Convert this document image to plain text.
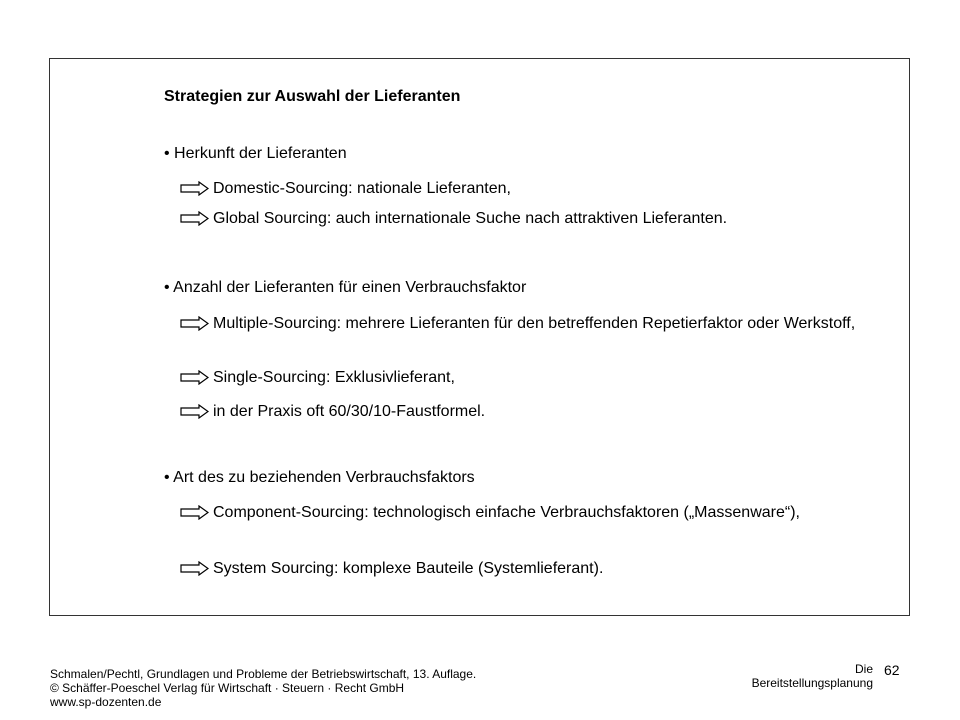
Strategien zur Auswahl der Lieferanten
• Herkunft der Lieferanten
Domestic-Sourcing: nationale Lieferanten,
Global Sourcing: auch internationale Suche nach attraktiven Lieferanten.
• Anzahl der Lieferanten für einen Verbrauchsfaktor
Multiple-Sourcing: mehrere Lieferanten für den betreffenden Repetierfaktor oder Werkstoff,
Single-Sourcing: Exklusivlieferant,
in der Praxis oft 60/30/10-Faustformel.
• Art des zu beziehenden Verbrauchsfaktors
Component-Sourcing: technologisch einfache Verbrauchsfaktoren („Massenware“),
System Sourcing: komplexe Bauteile (Systemlieferant).
Schmalen/Pechtl, Grundlagen und Probleme der Betriebswirtschaft, 13. Auflage.
© Schäffer-Poeschel Verlag für Wirtschaft · Steuern · Recht GmbH
www.sp-dozenten.de
Die
Bereitstellungsplanung
62
